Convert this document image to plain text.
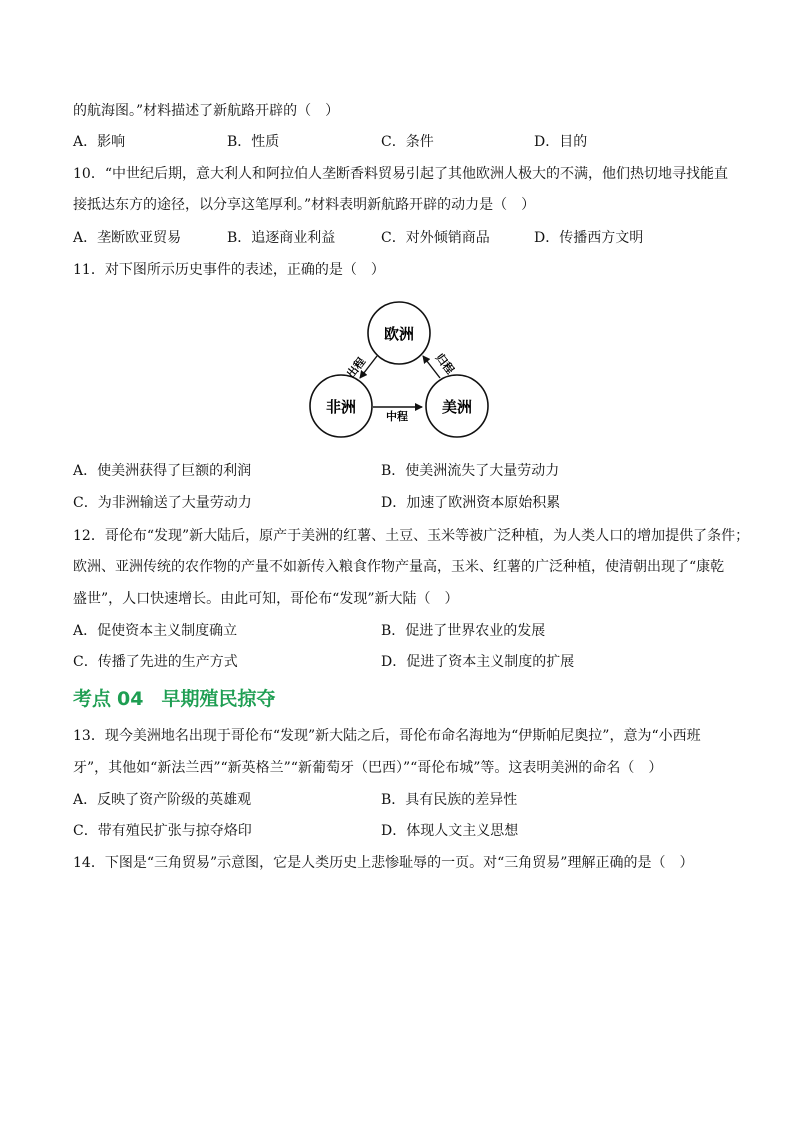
的航海图。”材料描述了新航路开辟的（　）
A．影响	B．性质	C．条件	D．目的
10．“中世纪后期，意大利人和阿拉伯人垄断香料贸易引起了其他欧洲人极大的不满，他们热切地寻找能直
接抵达东方的途径，以分享这笔厚利。”材料表明新航路开辟的动力是（　）
A．垄断欧亚贸易	B．追逐商业利益	C．对外倾销商品	D．传播西方文明
11．对下图所示历史事件的表述，正确的是（　）
欧洲
非洲	美洲
出程
中程
归程
A．使美洲获得了巨额的利润	B．使美洲流失了大量劳动力
C．为非洲输送了大量劳动力	D．加速了欧洲资本原始积累
12．哥伦布“发现”新大陆后，原产于美洲的红薯、土豆、玉米等被广泛种植，为人类人口的增加提供了条件；
欧洲、亚洲传统的农作物的产量不如新传入粮食作物产量高，玉米、红薯的广泛种植，使清朝出现了“康乾
盛世”，人口快速增长。由此可知，哥伦布“发现”新大陆（　）
A．促使资本主义制度确立	B．促进了世界农业的发展
C．传播了先进的生产方式	D．促进了资本主义制度的扩展
考点 04 早期殖民掠夺
13．现今美洲地名出现于哥伦布“发现”新大陆之后，哥伦布命名海地为“伊斯帕尼奥拉”，意为“小西班
牙”，其他如“新法兰西”“新英格兰”“新葡萄牙（巴西）”“哥伦布城”等。这表明美洲的命名（　）
A．反映了资产阶级的英雄观	B．具有民族的差异性
C．带有殖民扩张与掠夺烙印	D．体现人文主义思想
14．下图是“三角贸易”示意图，它是人类历史上悲惨耻辱的一页。对“三角贸易”理解正确的是（　）
